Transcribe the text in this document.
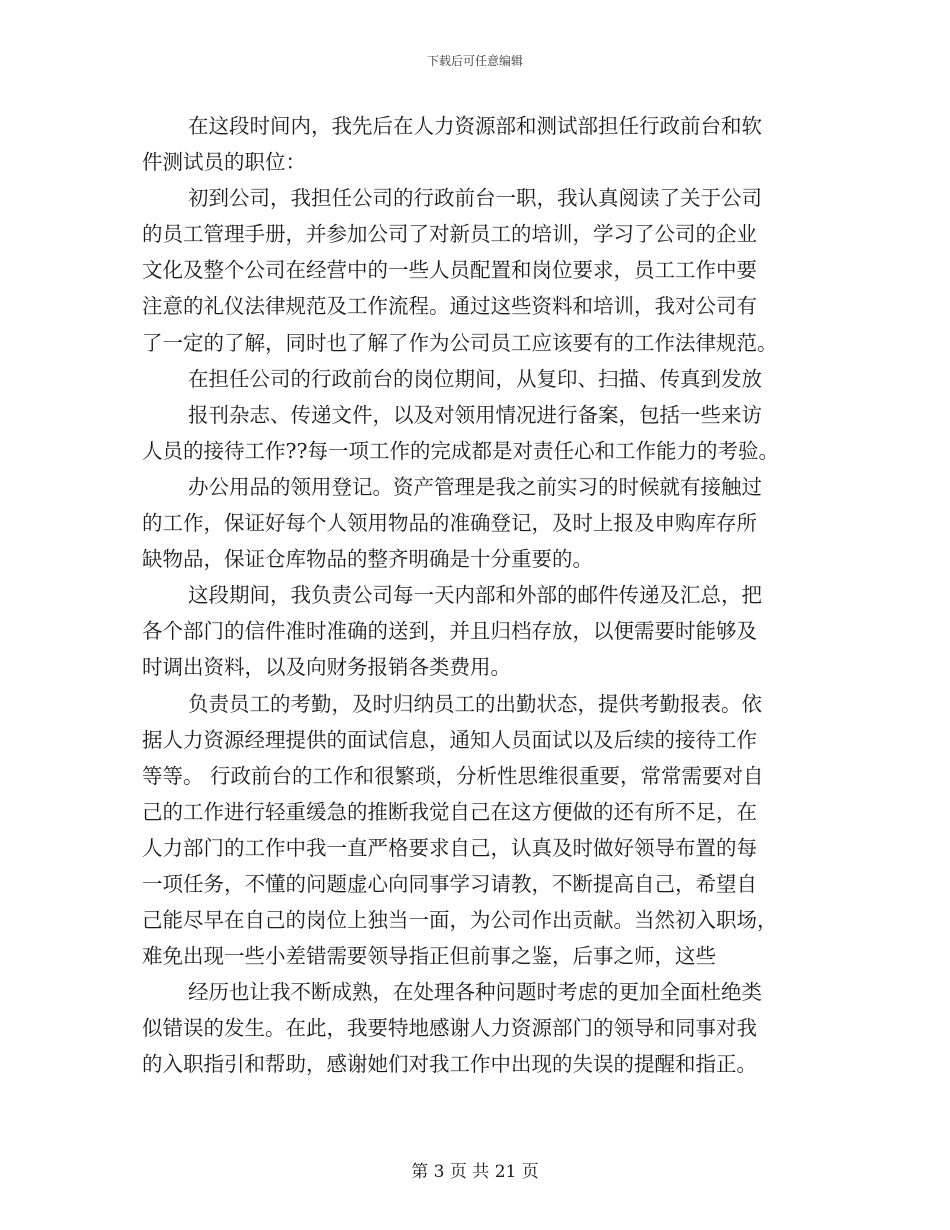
下载后可任意编辑
在这段时间内，我先后在人力资源部和测试部担任行政前台和软
件测试员的职位：
初到公司，我担任公司的行政前台一职，我认真阅读了关于公司
的员工管理手册，并参加公司了对新员工的培训，学习了公司的企业
文化及整个公司在经营中的一些人员配置和岗位要求，员工工作中要
注意的礼仪法律规范及工作流程。通过这些资料和培训，我对公司有
了一定的了解，同时也了解了作为公司员工应该要有的工作法律规范。
在担任公司的行政前台的岗位期间，从复印、扫描、传真到发放
报刊杂志、传递文件，以及对领用情况进行备案，包括一些来访
人员的接待工作??每一项工作的完成都是对责任心和工作能力的考验。
办公用品的领用登记。资产管理是我之前实习的时候就有接触过
的工作，保证好每个人领用物品的准确登记，及时上报及申购库存所
缺物品，保证仓库物品的整齐明确是十分重要的。
这段期间，我负责公司每一天内部和外部的邮件传递及汇总，把
各个部门的信件准时准确的送到，并且归档存放，以便需要时能够及
时调出资料，以及向财务报销各类费用。
负责员工的考勤，及时归纳员工的出勤状态，提供考勤报表。依
据人力资源经理提供的面试信息，通知人员面试以及后续的接待工作
等等。 行政前台的工作和很繁琐，分析性思维很重要，常常需要对自
己的工作进行轻重缓急的推断我觉自己在这方便做的还有所不足，在
人力部门的工作中我一直严格要求自己，认真及时做好领导布置的每
一项任务，不懂的问题虚心向同事学习请教，不断提高自己，希望自
己能尽早在自己的岗位上独当一面，为公司作出贡献。当然初入职场，
难免出现一些小差错需要领导指正但前事之鉴，后事之师，这些
经历也让我不断成熟，在处理各种问题时考虑的更加全面杜绝类
似错误的发生。在此，我要特地感谢人力资源部门的领导和同事对我
的入职指引和帮助，感谢她们对我工作中出现的失误的提醒和指正。
第 3 页 共 21 页
